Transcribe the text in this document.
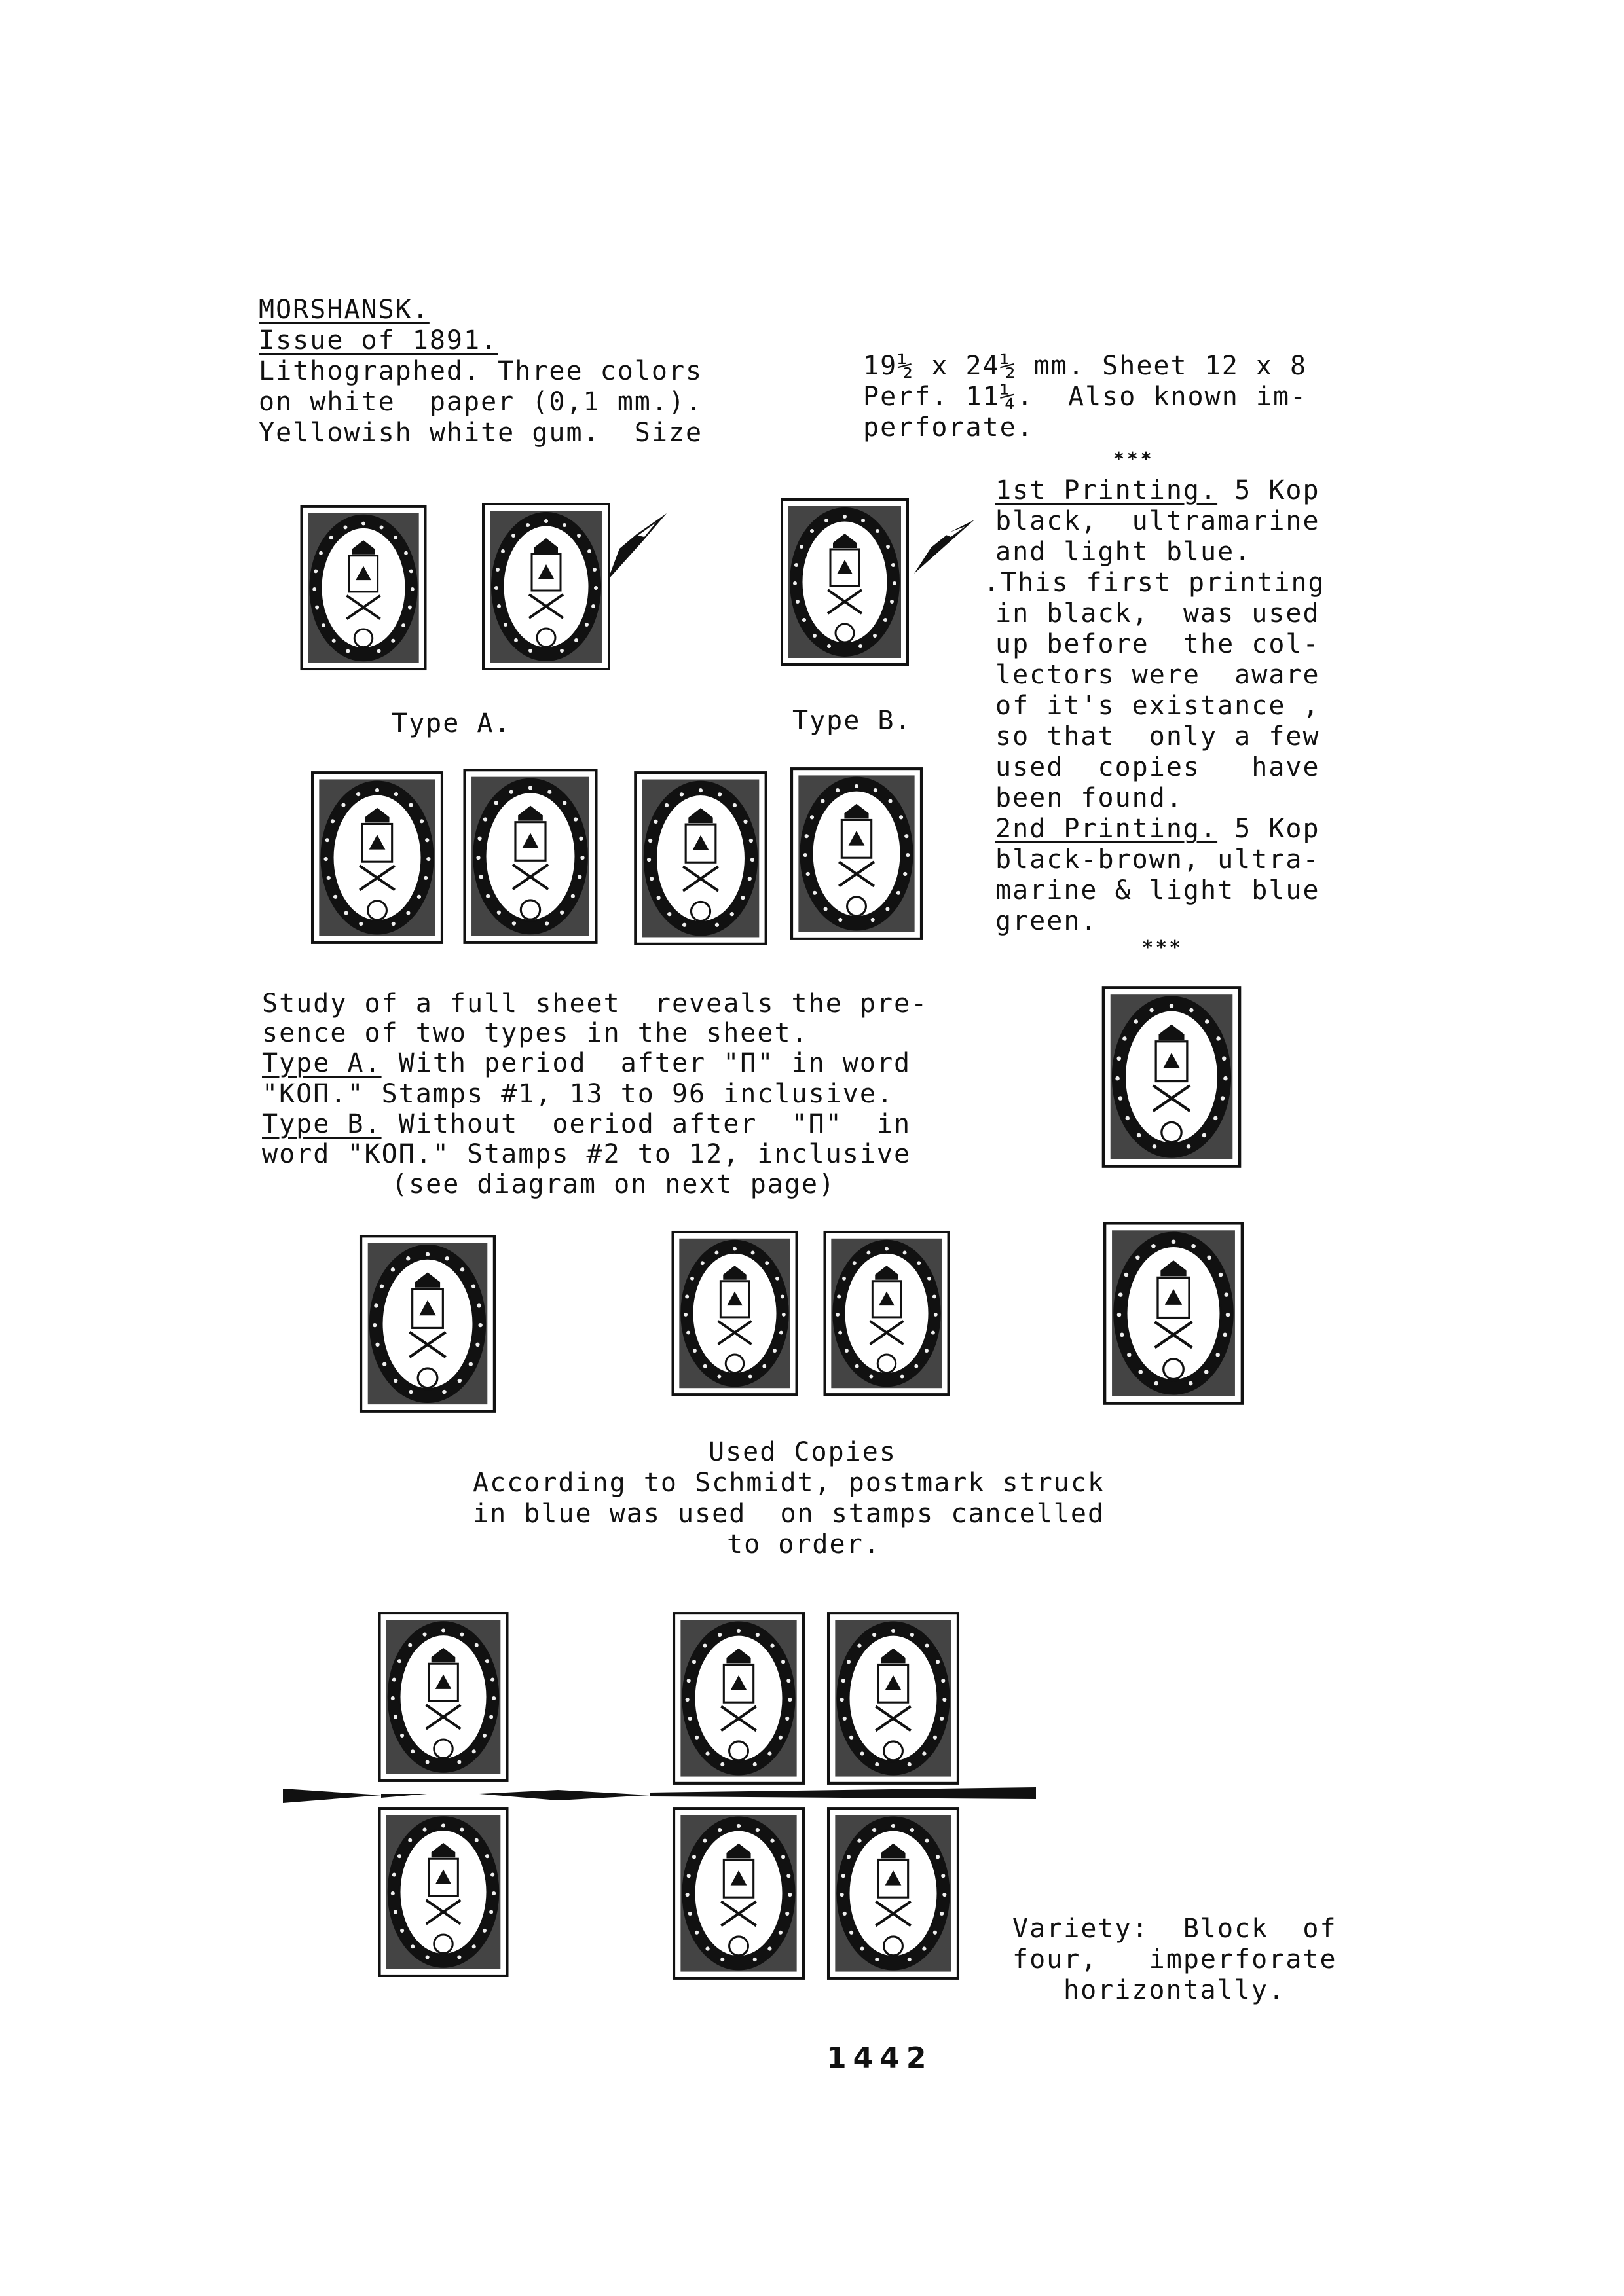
MORSHANSK.
Issue of 1891.
Lithographed. Three colors
on white  paper (0,1 mm.).
Yellowish white gum.  Size
19½ x 24½ mm. Sheet 12 x 8
Perf. 11¼.  Also known im-
perforate.
***
1st Printing. 5 Kop
black,  ultramarine
and light blue.
.This first printing
in black,  was used
up before  the col-
lectors were  aware
of it's existance ,
so that  only a few
used  copies   have
been found.
2nd Printing. 5 Kop
black-brown, ultra-
marine & light blue
green.
***
Type A.	Type B.
Study of a full sheet  reveals the pre-
sence of two types in the sheet.
Type A. With period  after "П" in word
"КОП." Stamps #1, 13 to 96 inclusive.
Type B. Without  oeriod after  "П"  in
word "КОП." Stamps #2 to 12, inclusive
(see diagram on next page)
Used Copies
According to Schmidt, postmark struck
in blue was used  on stamps cancelled
to order.
Variety:  Block  of
four,   imperforate
horizontally.
1442
